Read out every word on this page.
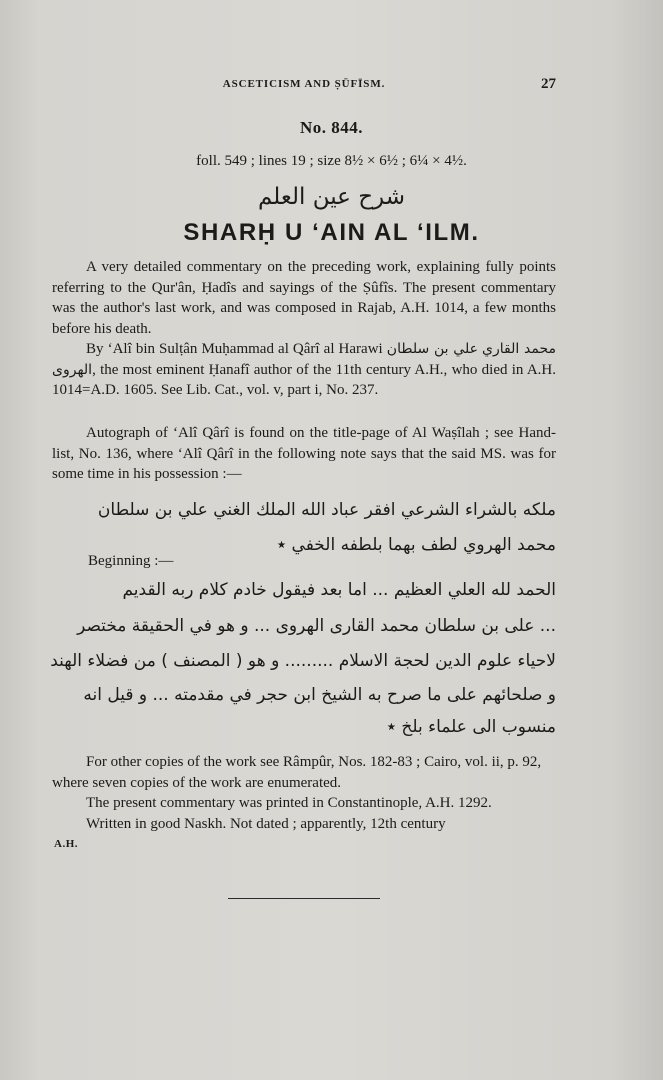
ASCETICISM AND ṢŪFĪSM.	27
No. 844.
foll. 549 ; lines 19 ; size 8½ × 6½ ; 6¼ × 4½.
شرح عين العلم
SHARḤ U ‘AIN AL ‘ILM.

A very detailed commentary on the preceding work, explaining fully points referring to the Qur'ân, Ḥadîs and sayings of the Ṣûfîs. The present commentary was the author's last work, and was composed in Rajab, A.H. 1014, a few months before his death.

By ‘Alî bin Sulṭân Muḥammad al Qârî al Harawi علي بن سلطان محمد القاري الهروى, the most eminent Ḥanafî author of the 11th century A.H., who died in A.H. 1014=A.D. 1605. See Lib. Cat., vol. v, part i, No. 237.

Autograph of ‘Alî Qârî is found on the title-page of Al Waṣîlah ; see Hand-list, No. 136, where ‘Alî Qârî in the following note says that the said MS. was for some time in his possession :—

ملكه بالشراء الشرعي افقر عباد الله الملك الغني علي بن سلطان
محمد الهروي لطف بهما بلطفه الخفي ٭
Beginning :—
الحمد لله العلي العظيم ... اما بعد فيقول خادم كلام ربه القديم
... على بن سلطان محمد القارى الهروى ... و هو في الحقيقة مختصر
لاحياء علوم الدين لحجة الاسلام ......... و هو ( المصنف ) من فضلاء الهند
و صلحائهم على ما صرح به الشيخ ابن حجر في مقدمته ... و قيل انه
منسوب الى علماء بلخ ٭
For other copies of the work see Râmpûr, Nos. 182-83 ; Cairo, vol. ii, p. 92, where seven copies of the work are enumerated.
The present commentary was printed in Constantinople, A.H. 1292.
Written in good Naskh. Not dated ; apparently, 12th century
A.H.
